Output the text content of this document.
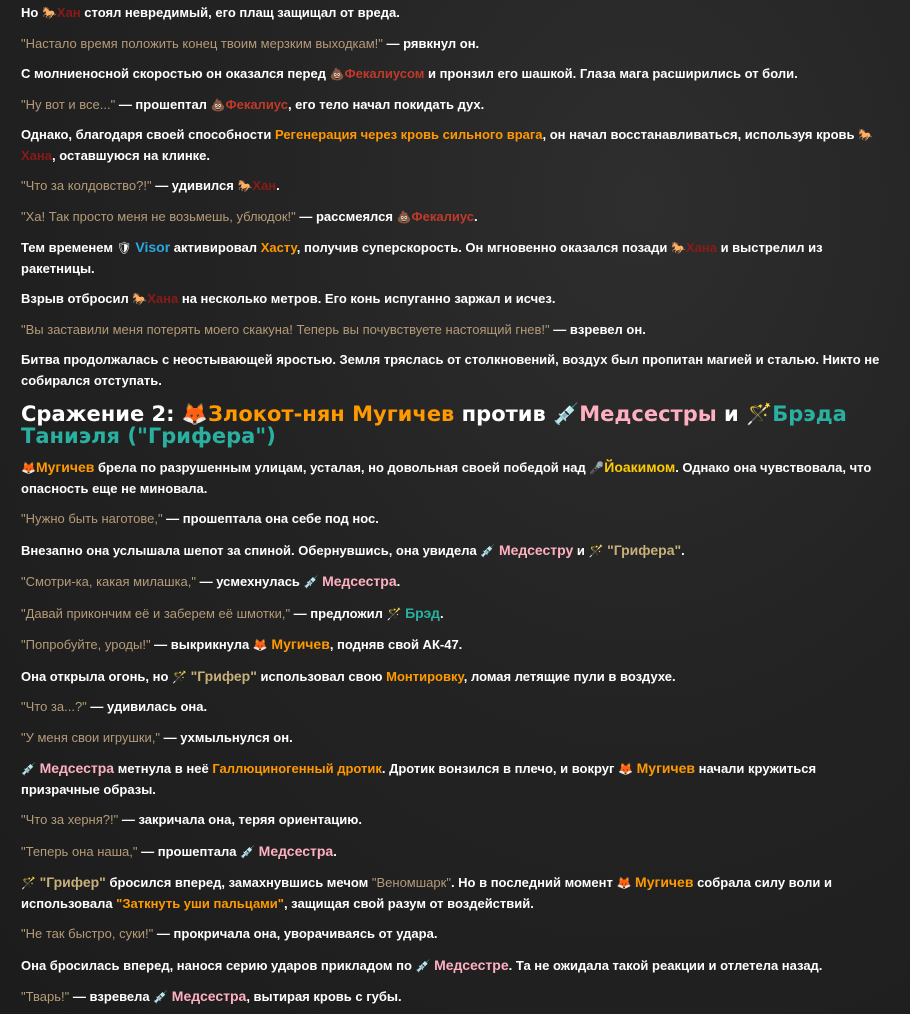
Но 🐎Хан стоял невредимый, его плащ защищал от вреда.

"Настало время положить конец твоим мерзким выходкам!" — рявкнул он.

С молниеносной скоростью он оказался перед 💩Фекалиусом и пронзил его шашкой. Глаза мага расширились от боли.

"Ну вот и все..." — прошептал 💩Фекалиус, его тело начал покидать дух.

Однако, благодаря своей способности Регенерация через кровь сильного врага, он начал восстанавливаться, используя кровь 🐎Хана, оставшуюся на клинке.

"Что за колдовство?!" — удивился 🐎Хан.

"Ха! Так просто меня не возьмешь, ублюдок!" — рассмеялся 💩Фекалиус.

Тем временем 🛡 Visor активировал Хасту, получив суперскорость. Он мгновенно оказался позади 🐎Хана и выстрелил из ракетницы.

Взрыв отбросил 🐎Хана на несколько метров. Его конь испуганно заржал и исчез.

"Вы заставили меня потерять моего скакуна! Теперь вы почувствуете настоящий гнев!" — взревел он.

Битва продолжалась с неостывающей яростью. Земля тряслась от столкновений, воздух был пропитан магией и сталью. Никто не собирался отступать.

Сражение 2: 🦊Злокот-нян Мугичев против 💉Медсестры и 🪄Брэда Таниэля ("Грифера")

🦊Мугичев брела по разрушенным улицам, усталая, но довольная своей победой над 🎤Йоакимом. Однако она чувствовала, что опасность еще не миновала.

"Нужно быть наготове," — прошептала она себе под нос.

Внезапно она услышала шепот за спиной. Обернувшись, она увидела 💉 Медсестру и 🪄 "Грифера".

"Смотри-ка, какая милашка," — усмехнулась 💉 Медсестра.

"Давай прикончим её и заберем её шмотки," — предложил 🪄 Брэд.

"Попробуйте, уроды!" — выкрикнула 🦊 Мугичев, подняв свой АК-47.

Она открыла огонь, но 🪄 "Грифер" использовал свою Монтировку, ломая летящие пули в воздухе.

"Что за...?" — удивилась она.

"У меня свои игрушки," — ухмыльнулся он.

💉 Медсестра метнула в неё Галлюциногенный дротик. Дротик вонзился в плечо, и вокруг 🦊 Мугичев начали кружиться призрачные образы.

"Что за херня?!" — закричала она, теряя ориентацию.

"Теперь она наша," — прошептала 💉 Медсестра.

🪄 "Грифер" бросился вперед, замахнувшись мечом "Веномшарк". Но в последний момент 🦊 Мугичев собрала силу воли и использовала "Заткнуть уши пальцами", защищая свой разум от воздействий.

"Не так быстро, суки!" — прокричала она, уворачиваясь от удара.

Она бросилась вперед, нанося серию ударов прикладом по 💉 Медсестре. Та не ожидала такой реакции и отлетела назад.

"Тварь!" — взревела 💉 Медсестра, вытирая кровь с губы.
